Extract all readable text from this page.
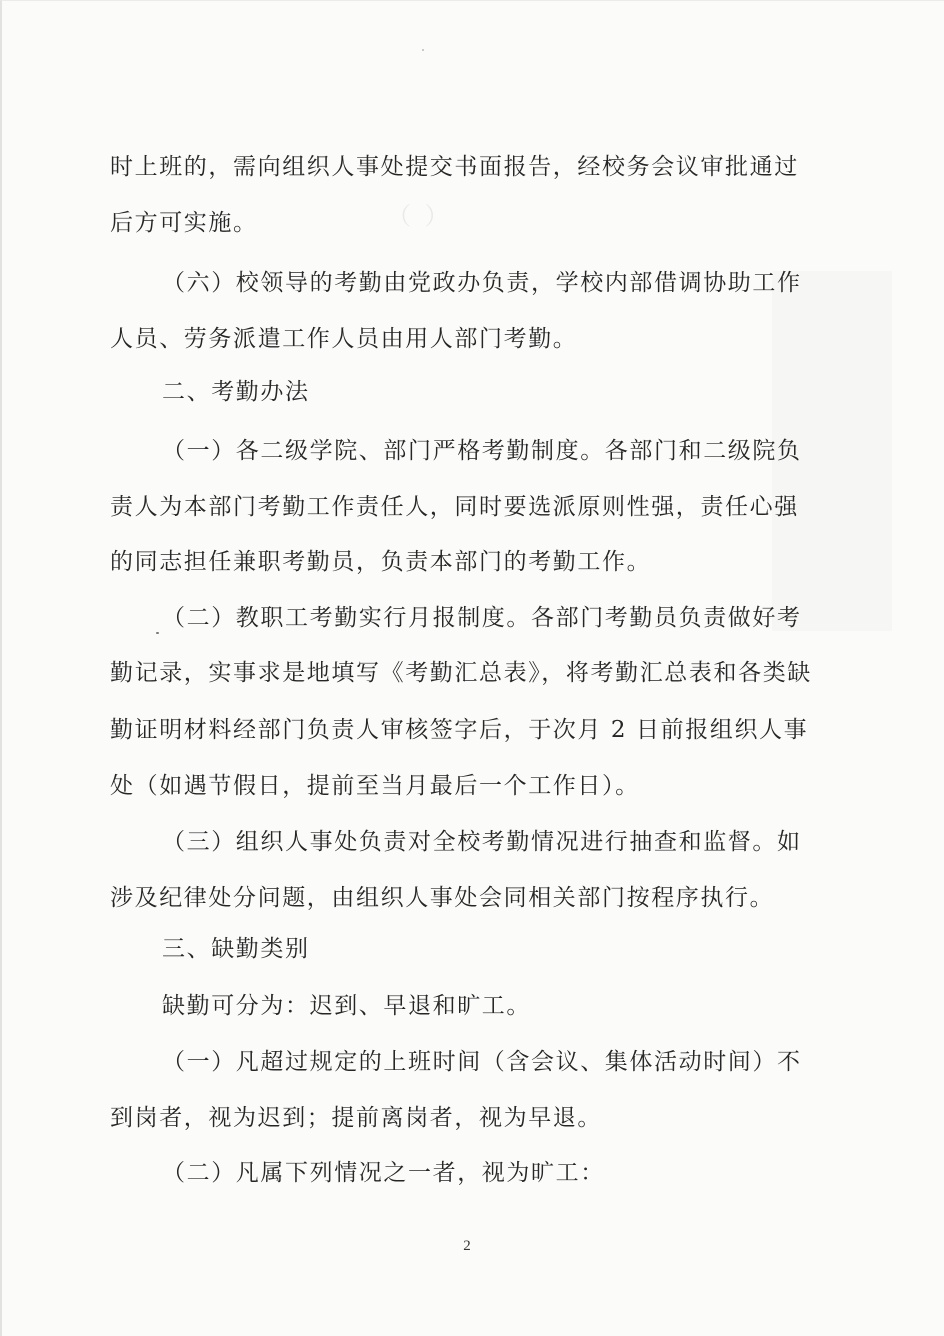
（ ）
时上班的，需向组织人事处提交书面报告，经校务会议审批通过
后方可实施。
（六）校领导的考勤由党政办负责，学校内部借调协助工作
人员、劳务派遣工作人员由用人部门考勤。
二、考勤办法
（一）各二级学院、部门严格考勤制度。各部门和二级院负
责人为本部门考勤工作责任人，同时要选派原则性强，责任心强
的同志担任兼职考勤员，负责本部门的考勤工作。
（二）教职工考勤实行月报制度。各部门考勤员负责做好考
勤记录，实事求是地填写《考勤汇总表》，将考勤汇总表和各类缺
勤证明材料经部门负责人审核签字后，于次月 2 日前报组织人事
处（如遇节假日，提前至当月最后一个工作日）。
（三）组织人事处负责对全校考勤情况进行抽查和监督。如
涉及纪律处分问题，由组织人事处会同相关部门按程序执行。
三、缺勤类别
缺勤可分为：迟到、早退和旷工。
（一）凡超过规定的上班时间（含会议、集体活动时间）不
到岗者，视为迟到；提前离岗者，视为早退。
（二）凡属下列情况之一者，视为旷工：
2
